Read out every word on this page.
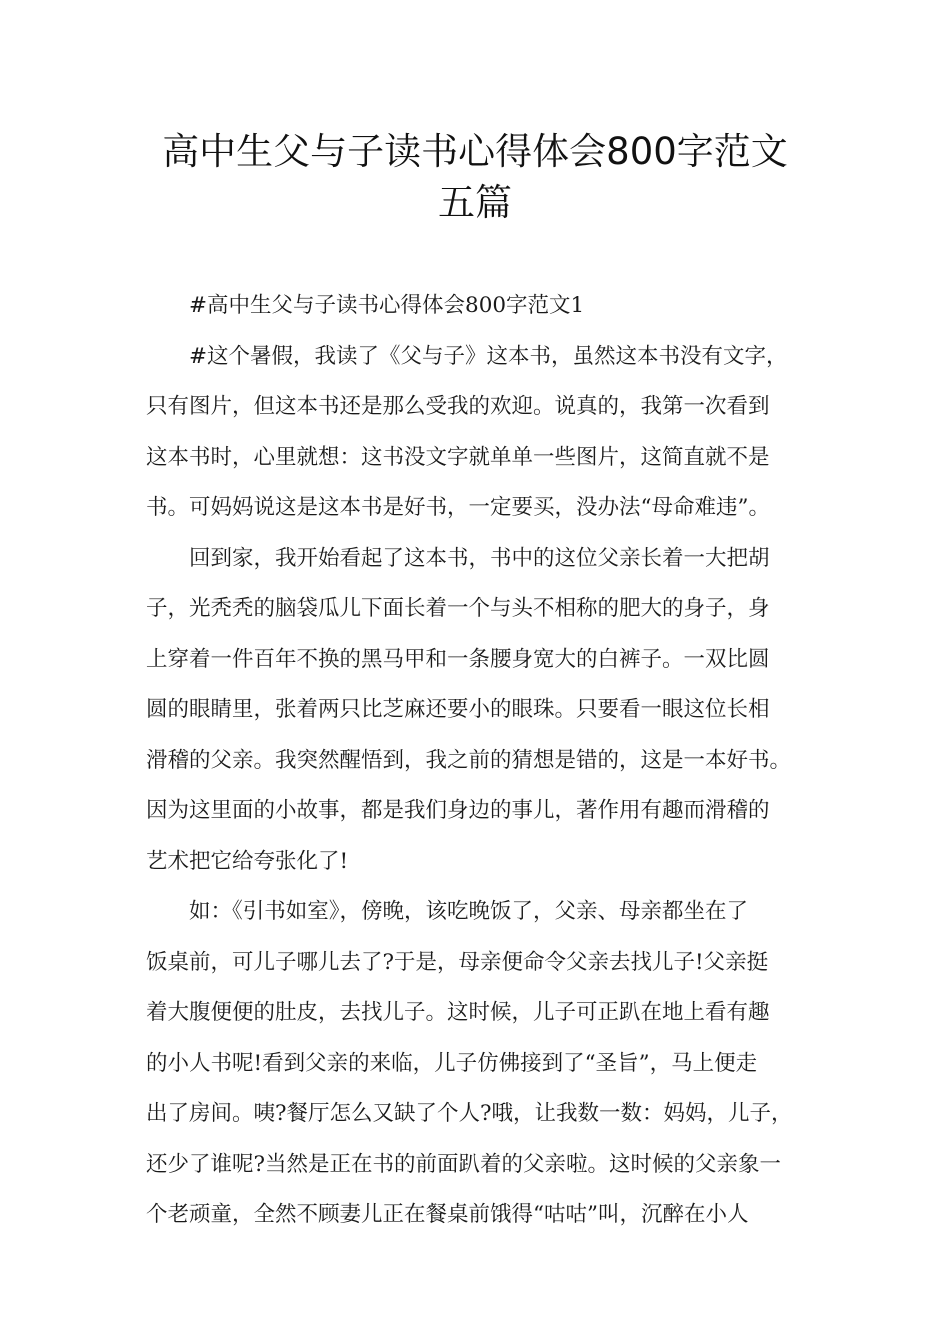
高中生父与子读书心得体会800字范文
五篇
#高中生父与子读书心得体会800字范文1
#这个暑假，我读了《父与子》这本书，虽然这本书没有文字，
只有图片，但这本书还是那么受我的欢迎。说真的，我第一次看到
这本书时，心里就想：这书没文字就单单一些图片，这简直就不是
书。可妈妈说这是这本书是好书，一定要买，没办法“母命难违”。
回到家，我开始看起了这本书，书中的这位父亲长着一大把胡
子，光秃秃的脑袋瓜儿下面长着一个与头不相称的肥大的身子，身
上穿着一件百年不换的黑马甲和一条腰身宽大的白裤子。一双比圆
圆的眼睛里，张着两只比芝麻还要小的眼珠。只要看一眼这位长相
滑稽的父亲。我突然醒悟到，我之前的猜想是错的，这是一本好书。
因为这里面的小故事，都是我们身边的事儿，著作用有趣而滑稽的
艺术把它给夸张化了!
如：《引书如室》，傍晚，该吃晚饭了，父亲、母亲都坐在了
饭桌前，可儿子哪儿去了?于是，母亲便命令父亲去找儿子!父亲挺
着大腹便便的肚皮，去找儿子。这时候，儿子可正趴在地上看有趣
的小人书呢!看到父亲的来临，儿子仿佛接到了“圣旨”，马上便走
出了房间。咦?餐厅怎么又缺了个人?哦，让我数一数：妈妈，儿子，
还少了谁呢?当然是正在书的前面趴着的父亲啦。这时候的父亲象一
个老顽童，全然不顾妻儿正在餐桌前饿得“咕咕”叫，沉醉在小人
